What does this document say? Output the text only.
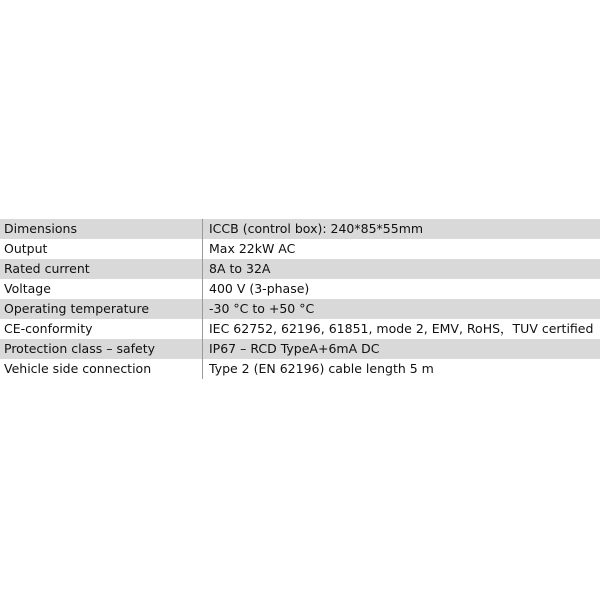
Dimensions	ICCB (control box): 240*85*55mm
Output	Max 22kW AC
Rated current	8A to 32A
Voltage	400 V (3-phase)
Operating temperature	-30 °C to +50 °C
CE-conformity	IEC 62752, 62196, 61851, mode 2, EMV, RoHS，TUV certified
Protection class – safety	IP67 – RCD TypeA+6mA DC
Vehicle side connection	Type 2 (EN 62196) cable length 5 m
